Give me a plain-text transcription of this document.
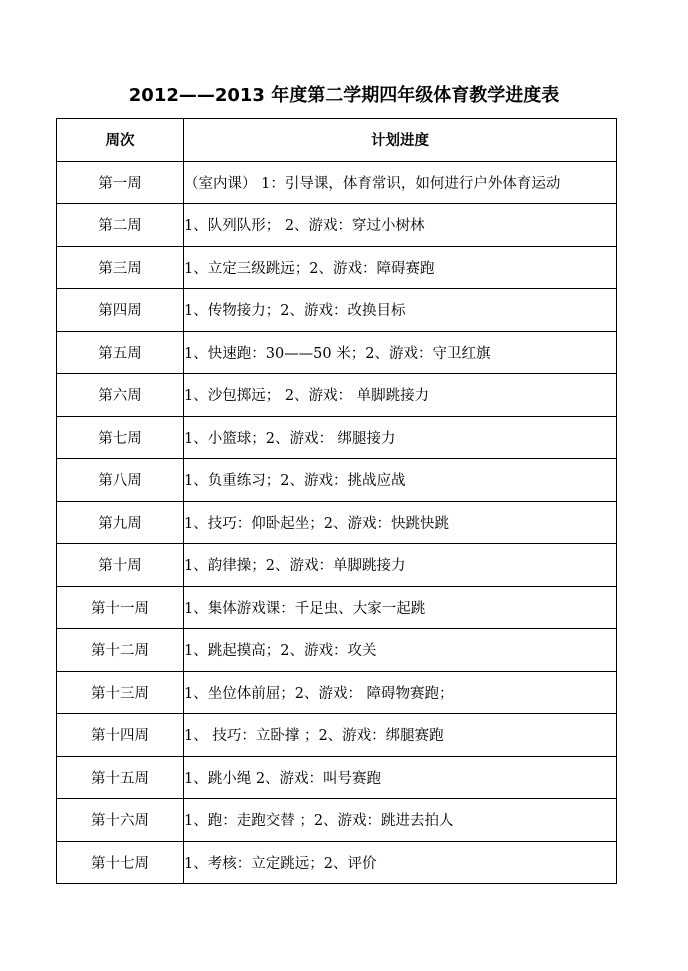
2012——2013 年度第二学期四年级体育教学进度表
周次	计划进度
第一周	（室内课） 1：引导课，体育常识，如何进行户外体育运动
第二周	1、队列队形； 2、游戏：穿过小树林
第三周	1、立定三级跳远；2、游戏：障碍赛跑
第四周	1、传物接力；2、游戏：改换目标
第五周	1、快速跑：30——50 米；2、游戏：守卫红旗
第六周	1、沙包掷远； 2、游戏： 单脚跳接力
第七周	1、小篮球；2、游戏： 绑腿接力
第八周	1、负重练习；2、游戏：挑战应战
第九周	1、技巧：仰卧起坐；2、游戏：快跳快跳
第十周	1、韵律操；2、游戏：单脚跳接力
第十一周	1、集体游戏课：千足虫、大家一起跳
第十二周	1、跳起摸高；2、游戏：攻关
第十三周	1、坐位体前屈；2、游戏： 障碍物赛跑；
第十四周	1、 技巧：立卧撑 ；2、游戏：绑腿赛跑
第十五周	1、跳小绳 2、游戏：叫号赛跑
第十六周	1、跑：走跑交替 ；2、游戏：跳进去拍人
第十七周	1、考核：立定跳远；2、评价
